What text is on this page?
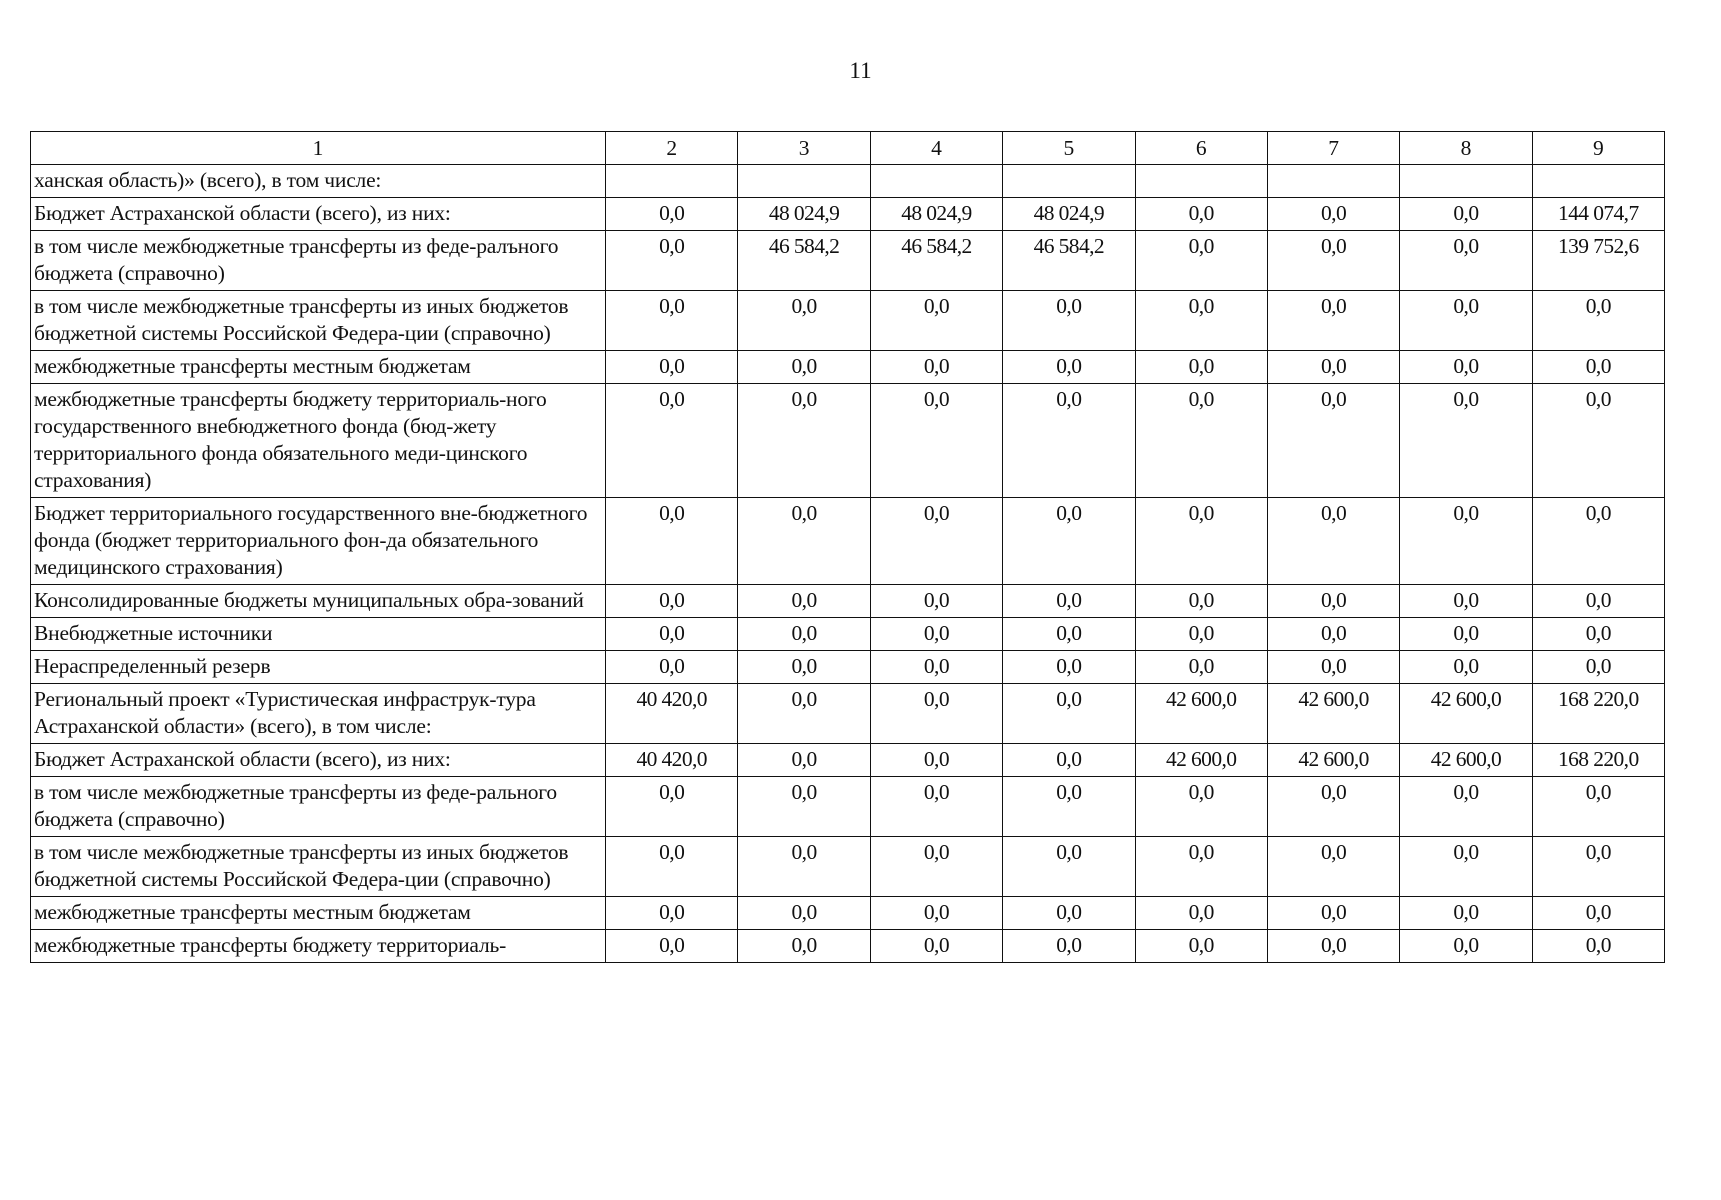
11
1	2	3	4	5	6	7	8	9
ханская область)» (всего), в том числе:								
Бюджет Астраханской области (всего), из них:	0,0	48 024,9	48 024,9	48 024,9	0,0	0,0	0,0	144 074,7
в том числе межбюджетные трансферты из феде-ралъного бюджета (справочно)	0,0	46 584,2	46 584,2	46 584,2	0,0	0,0	0,0	139 752,6
в том числе межбюджетные трансферты из иных бюджетов бюджетной системы Российской Федера-ции (справочно)	0,0	0,0	0,0	0,0	0,0	0,0	0,0	0,0
межбюджетные трансферты местным бюджетам	0,0	0,0	0,0	0,0	0,0	0,0	0,0	0,0
межбюджетные трансферты бюджету территориаль-ного государственного внебюджетного фонда (бюд-жету территориального фонда обязательного меди-цинского страхования)	0,0	0,0	0,0	0,0	0,0	0,0	0,0	0,0
Бюджет территориального государственного вне-бюджетного фонда (бюджет территориального фон-да обязательного медицинского страхования)	0,0	0,0	0,0	0,0	0,0	0,0	0,0	0,0
Консолидированные бюджеты муниципальных обра-зований	0,0	0,0	0,0	0,0	0,0	0,0	0,0	0,0
Внебюджетные источники	0,0	0,0	0,0	0,0	0,0	0,0	0,0	0,0
Нераспределенный резерв	0,0	0,0	0,0	0,0	0,0	0,0	0,0	0,0
Региональный проект «Туристическая инфраструк-тура Астраханской области» (всего), в том числе:	40 420,0	0,0	0,0	0,0	42 600,0	42 600,0	42 600,0	168 220,0
Бюджет Астраханской области (всего), из них:	40 420,0	0,0	0,0	0,0	42 600,0	42 600,0	42 600,0	168 220,0
в том числе межбюджетные трансферты из феде-рального бюджета (справочно)	0,0	0,0	0,0	0,0	0,0	0,0	0,0	0,0
в том числе межбюджетные трансферты из иных бюджетов бюджетной системы Российской Федера-ции (справочно)	0,0	0,0	0,0	0,0	0,0	0,0	0,0	0,0
межбюджетные трансферты местным бюджетам	0,0	0,0	0,0	0,0	0,0	0,0	0,0	0,0
межбюджетные трансферты бюджету территориаль-	0,0	0,0	0,0	0,0	0,0	0,0	0,0	0,0
